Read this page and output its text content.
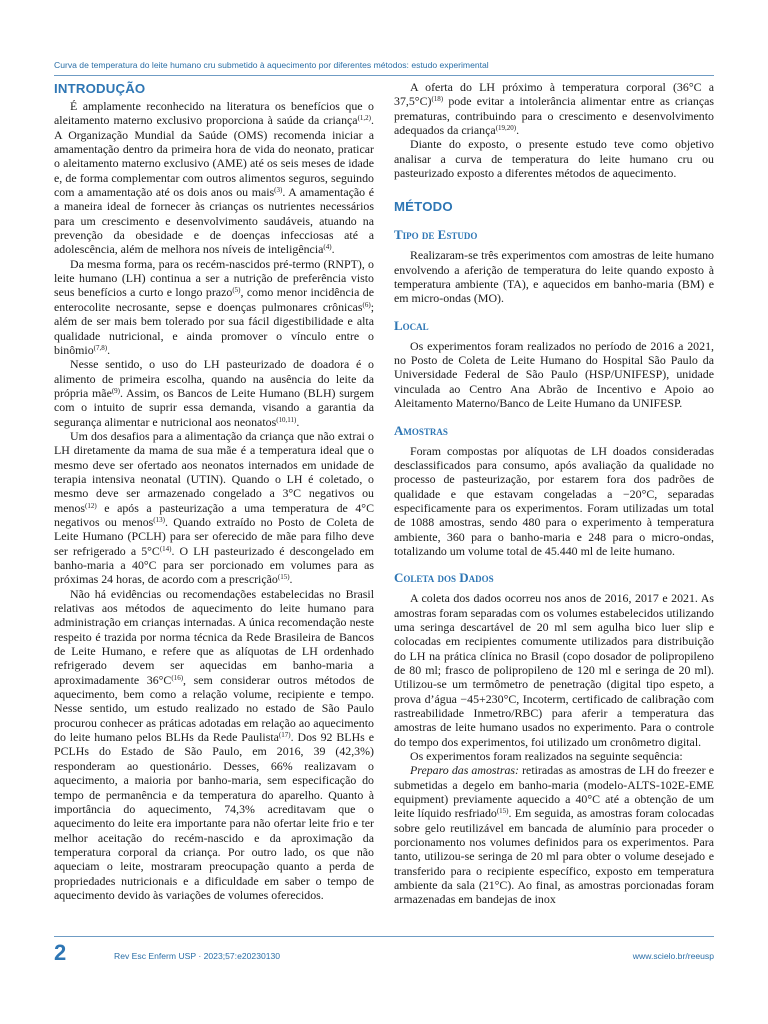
Curva de temperatura do leite humano cru submetido à aquecimento por diferentes métodos: estudo experimental
INTRODUÇÃO

É amplamente reconhecido na literatura os benefícios que o aleitamento materno exclusivo proporciona à saúde da criança$^{(1,2)}$. A Organização Mundial da Saúde (OMS) recomenda iniciar a amamentação dentro da primeira hora de vida do neonato, praticar o aleitamento materno exclusivo (AME) até os seis meses de idade e, de forma complementar com outros alimentos seguros, seguindo com a amamentação até os dois anos ou mais$^{(3)}$. A amamentação é a maneira ideal de fornecer às crianças os nutrientes necessários para um crescimento e desenvolvimento saudáveis, atuando na prevenção da obesidade e de doenças infecciosas até a adolescência, além de melhora nos níveis de inteligência$^{(4)}$.

Da mesma forma, para os recém-nascidos pré-termo (RNPT), o leite humano (LH) continua a ser a nutrição de preferência visto seus benefícios a curto e longo prazo$^{(5)}$, como menor incidência de enterocolite necrosante, sepse e doenças pulmonares crônicas$^{(6)}$; além de ser mais bem tolerado por sua fácil digestibilidade e alta qualidade nutricional, e ainda promover o vínculo entre o binômio$^{(7,8)}$.

Nesse sentido, o uso do LH pasteurizado de doadora é o alimento de primeira escolha, quando na ausência do leite da própria mãe$^{(9)}$. Assim, os Bancos de Leite Humano (BLH) surgem com o intuito de suprir essa demanda, visando a garantia da segurança alimentar e nutricional aos neonatos$^{(10,11)}$.

Um dos desafios para a alimentação da criança que não extrai o LH diretamente da mama de sua mãe é a temperatura ideal que o mesmo deve ser ofertado aos neonatos internados em unidade de terapia intensiva neonatal (UTIN). Quando o LH é coletado, o mesmo deve ser armazenado congelado a 3°C negativos ou menos$^{(12)}$ e após a pasteurização a uma temperatura de 4°C negativos ou menos$^{(13)}$. Quando extraído no Posto de Coleta de Leite Humano (PCLH) para ser oferecido de mãe para filho deve ser refrigerado a $5^\circ C^{(14)}$. O LH pasteurizado é descongelado em banho-maria a 40°C para ser porcionado em volumes para as próximas 24 horas, de acordo com a prescrição$^{(15)}$.

Não há evidências ou recomendações estabelecidas no Brasil relativas aos métodos de aquecimento do leite humano para administração em crianças internadas. A única recomendação neste respeito é trazida por norma técnica da Rede Brasileira de Bancos de Leite Humano, e refere que as alíquotas de LH ordenhado refrigerado devem ser aquecidas em banho-maria a aproximadamente $36^\circ C^{(16)}$, sem considerar outros métodos de aquecimento, bem como a relação volume, recipiente e tempo. Nesse sentido, um estudo realizado no estado de São Paulo procurou conhecer as práticas adotadas em relação ao aquecimento do leite humano pelos BLHs da Rede Paulista$^{(17)}$. Dos 92 BLHs e PCLHs do Estado de São Paulo, em 2016, 39 (42,3%) responderam ao questionário. Desses, 66% realizavam o aquecimento, a maioria por banho-maria, sem especificação do tempo de permanência e da temperatura do aparelho. Quanto à importância do aquecimento, 74,3% acreditavam que o aquecimento do leite era importante para não ofertar leite frio e ter melhor aceitação do recém-nascido e da aproximação da temperatura corporal da criança. Por outro lado, os que não aqueciam o leite, mostraram preocupação quanto a perda de propriedades nutricionais e a dificuldade em saber o tempo de aquecimento devido às variações de volumes oferecidos.

A oferta do LH próximo à temperatura corporal (36°C a 37,5°C)$^{(18)}$ pode evitar a intolerância alimentar entre as crianças prematuras, contribuindo para o crescimento e desenvolvimento adequados da criança$^{(19,20)}$.

Diante do exposto, o presente estudo teve como objetivo analisar a curva de temperatura do leite humano cru ou pasteurizado exposto a diferentes métodos de aquecimento.

MÉTODO
Tipo de Estudo

Realizaram-se três experimentos com amostras de leite humano envolvendo a aferição de temperatura do leite quando exposto à temperatura ambiente (TA), e aquecidos em banho-maria (BM) e em micro-ondas (MO).

Local

Os experimentos foram realizados no período de 2016 a 2021, no Posto de Coleta de Leite Humano do Hospital São Paulo da Universidade Federal de São Paulo (HSP/UNIFESP), unidade vinculada ao Centro Ana Abrão de Incentivo e Apoio ao Aleitamento Materno/Banco de Leite Humano da UNIFESP.

Amostras

Foram compostas por alíquotas de LH doados consideradas desclassificados para consumo, após avaliação da qualidade no processo de pasteurização, por estarem fora dos padrões de qualidade e que estavam congeladas a −20°C, separadas especificamente para os experimentos. Foram utilizadas um total de 1088 amostras, sendo 480 para o experimento à temperatura ambiente, 360 para o banho-maria e 248 para o micro-ondas, totalizando um volume total de 45.440 ml de leite humano.

Coleta dos Dados

A coleta dos dados ocorreu nos anos de 2016, 2017 e 2021. As amostras foram separadas com os volumes estabelecidos utilizando uma seringa descartável de 20 ml sem agulha bico luer slip e colocadas em recipientes comumente utilizados para distribuição do LH na prática clínica no Brasil (copo dosador de polipropileno de 80 ml; frasco de polipropileno de 120 ml e seringa de 20 ml). Utilizou-se um termômetro de penetração (digital tipo espeto, a prova d’água −45+230°C, Incoterm, certificado de calibração com rastreabilidade Inmetro/RBC) para aferir a temperatura das amostras de leite humano usados no experimento. Para o controle do tempo dos experimentos, foi utilizado um cronômetro digital.

Os experimentos foram realizados na seguinte sequência:

Preparo das amostras: retiradas as amostras de LH do freezer e submetidas a degelo em banho-maria (modelo-ALTS-102E-EME equipment) previamente aquecido a 40°C até a obtenção de um leite líquido resfriado$^{(15)}$. Em seguida, as amostras foram colocadas sobre gelo reutilizável em bancada de alumínio para proceder o porcionamento nos volumes definidos para os experimentos. Para tanto, utilizou-se seringa de 20 ml para obter o volume desejado e transferido para o recipiente específico, exposto em temperatura ambiente da sala (21°C). Ao final, as amostras porcionadas foram armazenadas em bandejas de inox

2	Rev Esc Enferm USP · 2023;57:e20230130	www.scielo.br/reeusp
